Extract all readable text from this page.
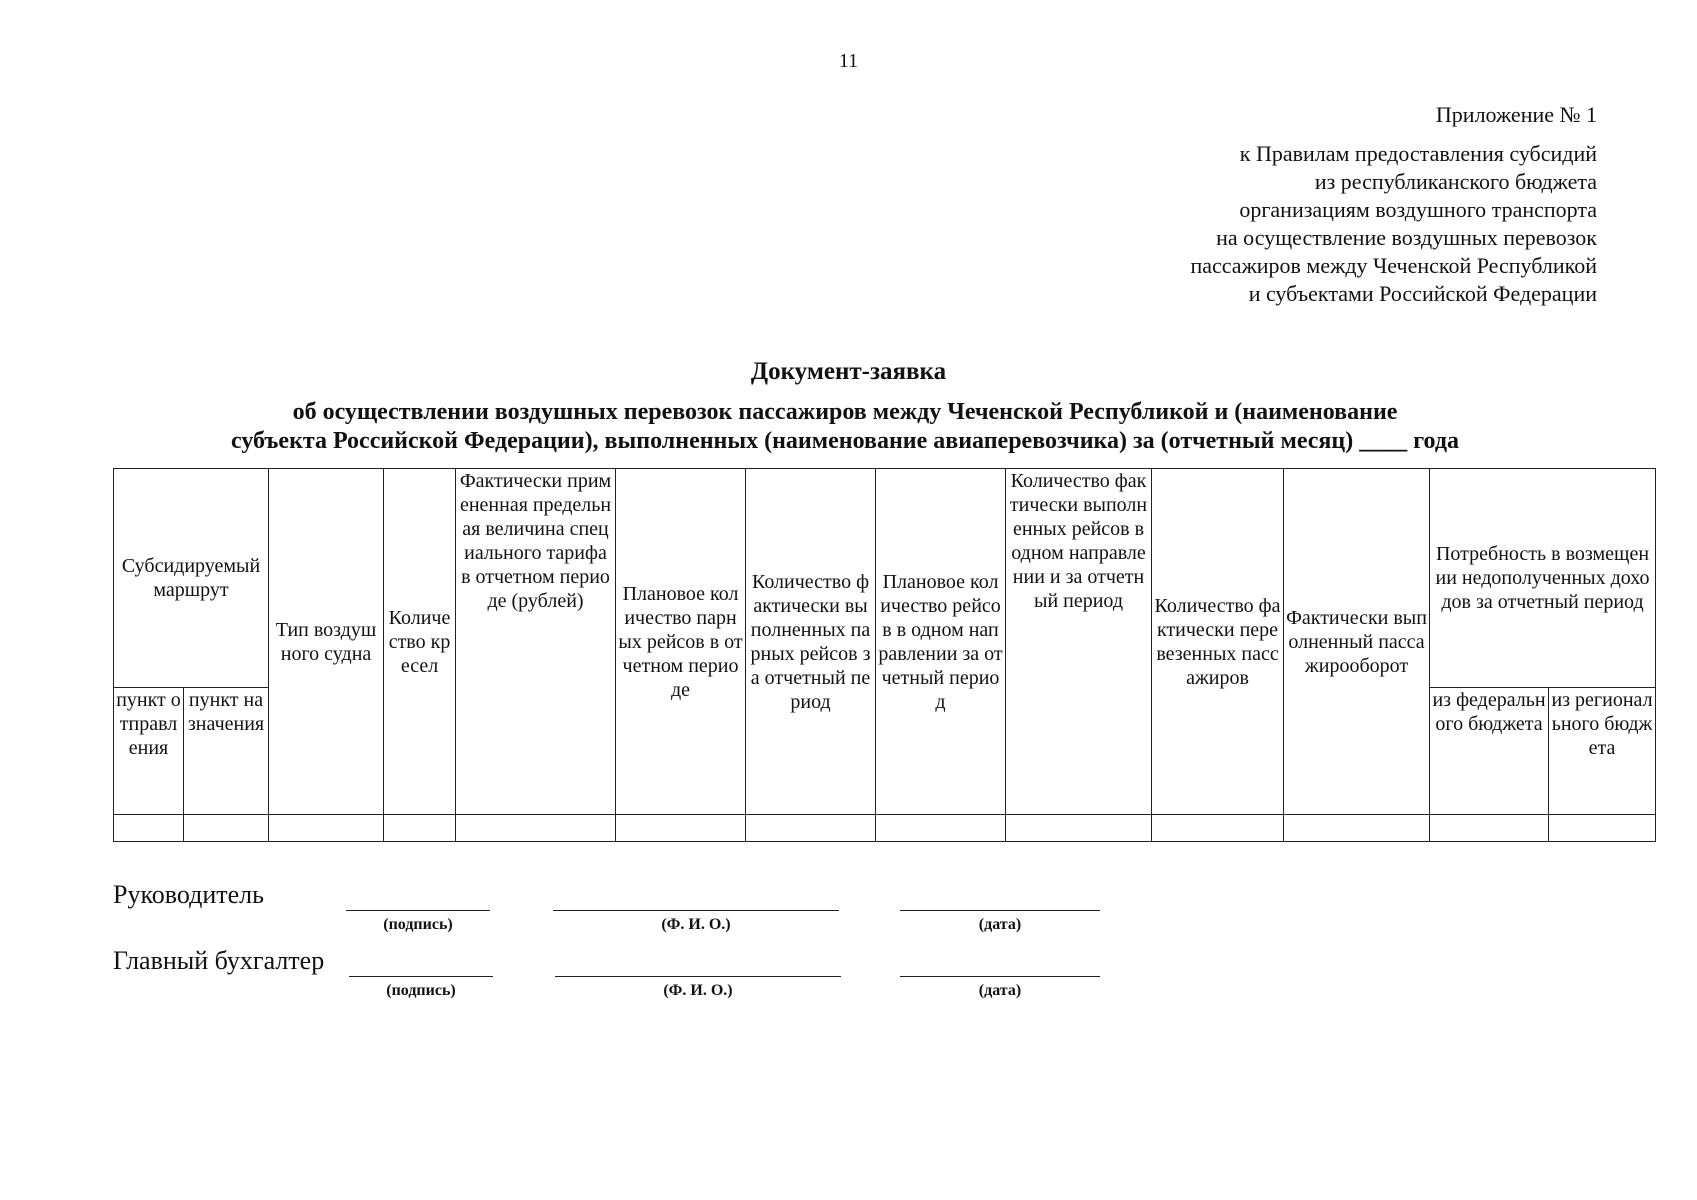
11
Приложение № 1
к Правилам предоставления субсидий
из республиканского бюджета
организациям воздушного транспорта
на осуществление воздушных перевозок
пассажиров между Чеченской Республикой
и субъектами Российской Федерации
Документ-заявка
об осуществлении воздушных перевозок пассажиров между Чеченской Республикой и (наименование
субъекта Российской Федерации), выполненных (наименование авиаперевозчика) за (отчетный месяц) ____ года
Субсидируемый маршрут		Тип воздушного судна	Количество кресел	Фактически примененная предельная величина специального тарифа в отчетном периоде (рублей)	Плановое количество парных рейсов в отчетном периоде	Количество фактически выполненных парных рейсов за отчетный период	Плановое количество рейсов в одном направлении за отчетный период	Количество фактически выполненных рейсов в одном направлении и за отчетный период	Количество фактически перевезенных пассажиров	Фактически выполненный пассажирооборот	Потребность в возмещении недополученных доходов за отчетный период	
пункт отправления	пункт назначения										из федерального бюджета	из регионального бюджета

Руководитель
(подпись)	(Ф. И. О.)	(дата)
Главный бухгалтер
(подпись)	(Ф. И. О.)	(дата)
